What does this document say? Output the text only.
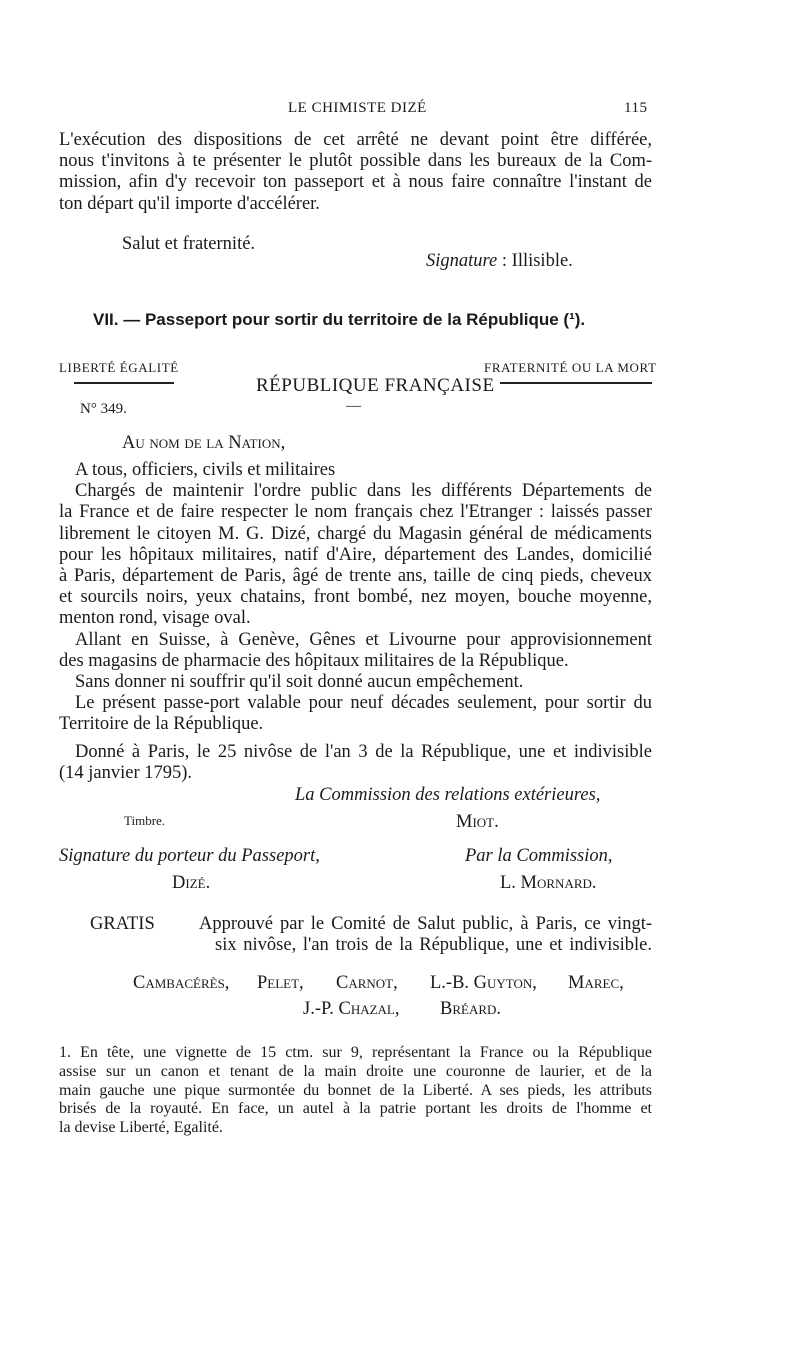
LE CHIMISTE DIZÉ	115
L'exécution des dispositions de cet arrêté ne devant point être différée,
nous t'invitons à te présenter le plutôt possible dans les bureaux de la Com-
mission, afin d'y recevoir ton passeport et à nous faire connaître l'instant de
ton départ qu'il importe d'accélérer.
Salut et fraternité.
Signature : Illisible.
VII. — Passeport pour sortir du territoire de la République (¹).
LIBERTÉ ÉGALITÉ	FRATERNITÉ OU LA MORT
RÉPUBLIQUE FRANÇAISE
N° 349.	—
Au nom de la Nation,
A tous, officiers, civils et militaires
Chargés de maintenir l'ordre public dans les différents Départements de
la France et de faire respecter le nom français chez l'Etranger : laissés passer
librement le citoyen M. G. Dizé, chargé du Magasin général de médicaments
pour les hôpitaux militaires, natif d'Aire, département des Landes, domicilié
à Paris, département de Paris, âgé de trente ans, taille de cinq pieds, cheveux
et sourcils noirs, yeux chatains, front bombé, nez moyen, bouche moyenne,
menton rond, visage oval.
Allant en Suisse, à Genève, Gênes et Livourne pour approvisionnement
des magasins de pharmacie des hôpitaux militaires de la République.
Sans donner ni souffrir qu'il soit donné aucun empêchement.
Le présent passe-port valable pour neuf décades seulement, pour sortir du
Territoire de la République.
Donné à Paris, le 25 nivôse de l'an 3 de la République, une et indivisible
(14 janvier 1795).
La Commission des relations extérieures,
Timbre.	Miot.
Signature du porteur du Passeport,	Par la Commission,
Dizé.	L. Mornard.
GRATIS Approuvé par le Comité de Salut public, à Paris, ce vingt-
six nivôse, l'an trois de la République, une et indivisible.
Cambacérès, Pelet, Carnot, L.-B. Guyton, Marec,
J.-P. Chazal, Bréard.
1. En tête, une vignette de 15 ctm. sur 9, représentant la France ou la République
assise sur un canon et tenant de la main droite une couronne de laurier, et de la
main gauche une pique surmontée du bonnet de la Liberté. A ses pieds, les attributs
brisés de la royauté. En face, un autel à la patrie portant les droits de l'homme et
la devise Liberté, Egalité.
